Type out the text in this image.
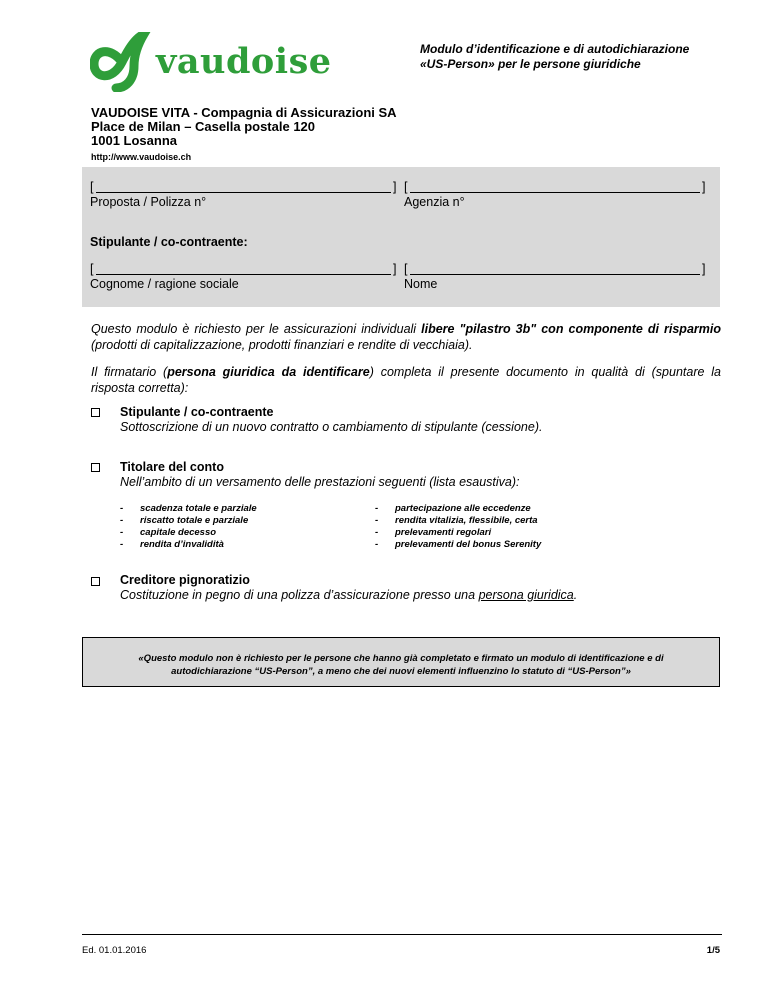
vaudoise	Modulo d’identificazione e di autodichiarazione
«US-Person» per le persone giuridiche
VAUDOISE VITA - Compagnia di Assicurazioni SA
Place de Milan – Casella postale 120
1001 Losanna
http://www.vaudoise.ch
[	] [	]
Proposta / Polizza n°	Agenzia n°
Stipulante / co-contraente:
[	] [	]
Cognome / ragione sociale	Nome
Questo modulo è richiesto per le assicurazioni individuali libere "pilastro 3b" con componente di risparmio (prodotti di capitalizzazione, prodotti finanziari e rendite di vecchiaia).
Il firmatario (persona giuridica da identificare) completa il presente documento in qualità di (spuntare la risposta corretta):
Stipulante / co-contraente
Sottoscrizione di un nuovo contratto o cambiamento di stipulante (cessione).
Titolare del conto
Nell’ambito di un versamento delle prestazioni seguenti (lista esaustiva):
-	scadenza totale e parziale
-	riscatto totale e parziale
-	capitale decesso
-	rendita d’invalidità
-	partecipazione alle eccedenze
-	rendita vitalizia, flessibile, certa
-	prelevamenti regolari
-	prelevamenti del bonus Serenity
Creditore pignoratizio
Costituzione in pegno di una polizza d’assicurazione presso una persona giuridica.
«Questo modulo non è richiesto per le persone che hanno già completato e firmato un modulo di identificazione e di
autodichiarazione “US-Person”, a meno che dei nuovi elementi influenzino lo statuto di “US-Person”»
Ed. 01.01.2016	1/5
